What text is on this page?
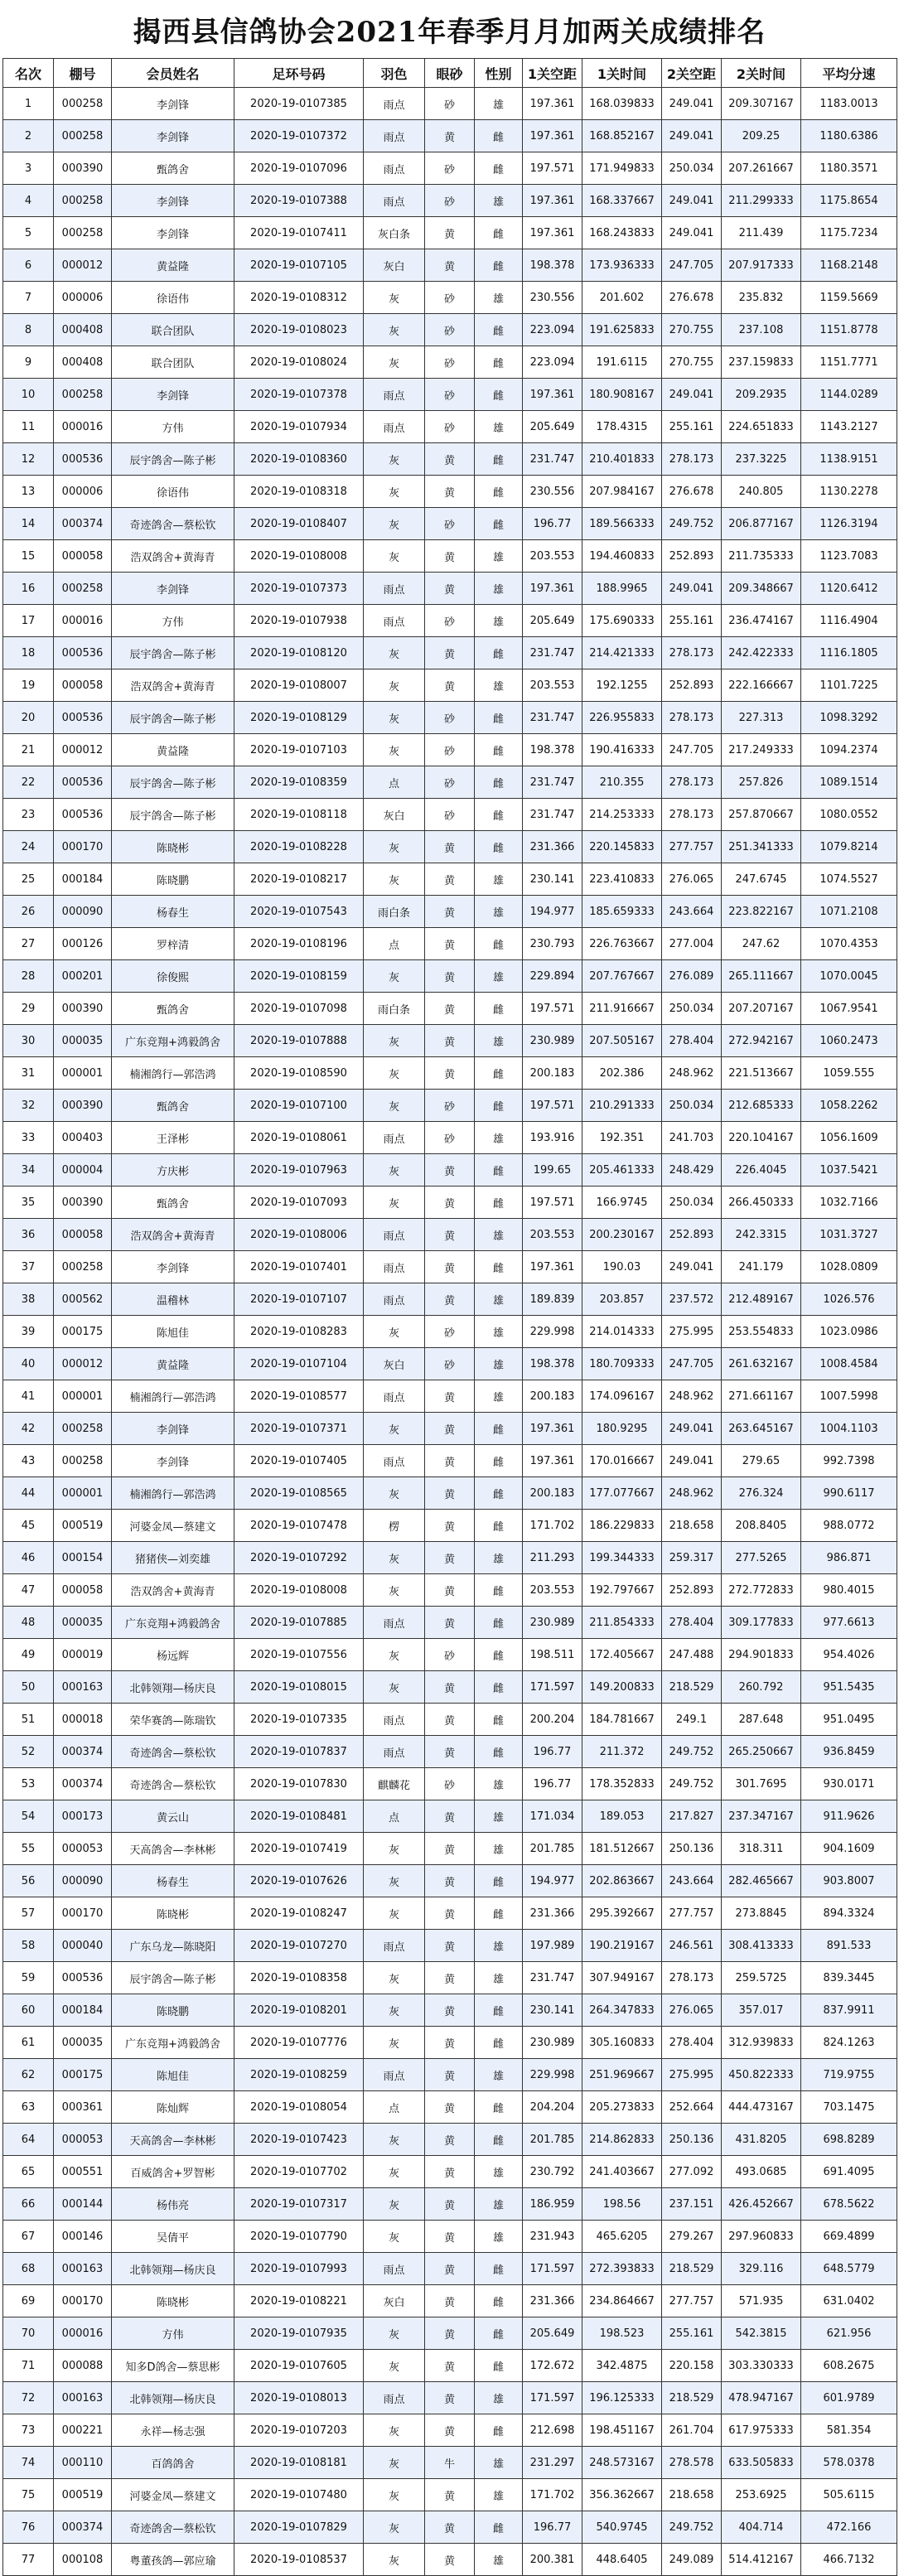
揭西县信鸽协会2021年春季月月加两关成绩排名
名次	棚号	会员姓名	足环号码	羽色	眼砂	性别	1关空距	1关时间	2关空距	2关时间	平均分速
1	000258	李剑锋	2020-19-0107385	雨点	砂	雄	197.361	168.039833	249.041	209.307167	1183.0013
2	000258	李剑锋	2020-19-0107372	雨点	黄	雌	197.361	168.852167	249.041	209.25	1180.6386
3	000390	甄鸽舍	2020-19-0107096	雨点	砂	雌	197.571	171.949833	250.034	207.261667	1180.3571
4	000258	李剑锋	2020-19-0107388	雨点	砂	雄	197.361	168.337667	249.041	211.299333	1175.8654
5	000258	李剑锋	2020-19-0107411	灰白条	黄	雌	197.361	168.243833	249.041	211.439	1175.7234
6	000012	黄益隆	2020-19-0107105	灰白	黄	雌	198.378	173.936333	247.705	207.917333	1168.2148
7	000006	徐语伟	2020-19-0108312	灰	砂	雄	230.556	201.602	276.678	235.832	1159.5669
8	000408	联合团队	2020-19-0108023	灰	砂	雌	223.094	191.625833	270.755	237.108	1151.8778
9	000408	联合团队	2020-19-0108024	灰	砂	雌	223.094	191.6115	270.755	237.159833	1151.7771
10	000258	李剑锋	2020-19-0107378	雨点	砂	雌	197.361	180.908167	249.041	209.2935	1144.0289
11	000016	方伟	2020-19-0107934	雨点	砂	雄	205.649	178.4315	255.161	224.651833	1143.2127
12	000536	辰宇鸽舍—陈子彬	2020-19-0108360	灰	黄	雌	231.747	210.401833	278.173	237.3225	1138.9151
13	000006	徐语伟	2020-19-0108318	灰	黄	雌	230.556	207.984167	276.678	240.805	1130.2278
14	000374	奇迹鸽舍—蔡松钦	2020-19-0108407	灰	砂	雌	196.77	189.566333	249.752	206.877167	1126.3194
15	000058	浩双鸽舍+黄海青	2020-19-0108008	灰	黄	雄	203.553	194.460833	252.893	211.735333	1123.7083
16	000258	李剑锋	2020-19-0107373	雨点	黄	雄	197.361	188.9965	249.041	209.348667	1120.6412
17	000016	方伟	2020-19-0107938	雨点	砂	雄	205.649	175.690333	255.161	236.474167	1116.4904
18	000536	辰宇鸽舍—陈子彬	2020-19-0108120	灰	黄	雌	231.747	214.421333	278.173	242.422333	1116.1805
19	000058	浩双鸽舍+黄海青	2020-19-0108007	灰	黄	雄	203.553	192.1255	252.893	222.166667	1101.7225
20	000536	辰宇鸽舍—陈子彬	2020-19-0108129	灰	砂	雌	231.747	226.955833	278.173	227.313	1098.3292
21	000012	黄益隆	2020-19-0107103	灰	砂	雌	198.378	190.416333	247.705	217.249333	1094.2374
22	000536	辰宇鸽舍—陈子彬	2020-19-0108359	点	砂	雌	231.747	210.355	278.173	257.826	1089.1514
23	000536	辰宇鸽舍—陈子彬	2020-19-0108118	灰白	砂	雌	231.747	214.253333	278.173	257.870667	1080.0552
24	000170	陈晓彬	2020-19-0108228	灰	黄	雌	231.366	220.145833	277.757	251.341333	1079.8214
25	000184	陈晓鹏	2020-19-0108217	灰	黄	雄	230.141	223.410833	276.065	247.6745	1074.5527
26	000090	杨春生	2020-19-0107543	雨白条	黄	雄	194.977	185.659333	243.664	223.822167	1071.2108
27	000126	罗梓清	2020-19-0108196	点	黄	雌	230.793	226.763667	277.004	247.62	1070.4353
28	000201	徐俊熙	2020-19-0108159	灰	黄	雄	229.894	207.767667	276.089	265.111667	1070.0045
29	000390	甄鸽舍	2020-19-0107098	雨白条	黄	雌	197.571	211.916667	250.034	207.207167	1067.9541
30	000035	广东竞翔+鸿毅鸽舍	2020-19-0107888	灰	黄	雄	230.989	207.505167	278.404	272.942167	1060.2473
31	000001	楠湘鸽行—郭浩鸿	2020-19-0108590	灰	黄	雌	200.183	202.386	248.962	221.513667	1059.555
32	000390	甄鸽舍	2020-19-0107100	灰	砂	雌	197.571	210.291333	250.034	212.685333	1058.2262
33	000403	王泽彬	2020-19-0108061	雨点	砂	雄	193.916	192.351	241.703	220.104167	1056.1609
34	000004	方庆彬	2020-19-0107963	灰	黄	雌	199.65	205.461333	248.429	226.4045	1037.5421
35	000390	甄鸽舍	2020-19-0107093	灰	黄	雌	197.571	166.9745	250.034	266.450333	1032.7166
36	000058	浩双鸽舍+黄海青	2020-19-0108006	雨点	黄	雄	203.553	200.230167	252.893	242.3315	1031.3727
37	000258	李剑锋	2020-19-0107401	雨点	黄	雌	197.361	190.03	249.041	241.179	1028.0809
38	000562	温稽林	2020-19-0107107	雨点	黄	雄	189.839	203.857	237.572	212.489167	1026.576
39	000175	陈旭佳	2020-19-0108283	灰	砂	雄	229.998	214.014333	275.995	253.554833	1023.0986
40	000012	黄益隆	2020-19-0107104	灰白	砂	雄	198.378	180.709333	247.705	261.632167	1008.4584
41	000001	楠湘鸽行—郭浩鸿	2020-19-0108577	雨点	黄	雄	200.183	174.096167	248.962	271.661167	1007.5998
42	000258	李剑锋	2020-19-0107371	灰	黄	雌	197.361	180.9295	249.041	263.645167	1004.1103
43	000258	李剑锋	2020-19-0107405	雨点	黄	雌	197.361	170.016667	249.041	279.65	992.7398
44	000001	楠湘鸽行—郭浩鸿	2020-19-0108565	灰	黄	雌	200.183	177.077667	248.962	276.324	990.6117
45	000519	河婆金凤—蔡建文	2020-19-0107478	楞	黄	雌	171.702	186.229833	218.658	208.8405	988.0772
46	000154	猪猪侠—刘奕雄	2020-19-0107292	灰	黄	雄	211.293	199.344333	259.317	277.5265	986.871
47	000058	浩双鸽舍+黄海青	2020-19-0108008	灰	黄	雌	203.553	192.797667	252.893	272.772833	980.4015
48	000035	广东竞翔+鸿毅鸽舍	2020-19-0107885	雨点	黄	雌	230.989	211.854333	278.404	309.177833	977.6613
49	000019	杨远辉	2020-19-0107556	灰	砂	雌	198.511	172.405667	247.488	294.901833	954.4026
50	000163	北韩领翔—杨庆良	2020-19-0108015	灰	黄	雌	171.597	149.200833	218.529	260.792	951.5435
51	000018	荣华赛鸽—陈瑞钦	2020-19-0107335	雨点	黄	雌	200.204	184.781667	249.1	287.648	951.0495
52	000374	奇迹鸽舍—蔡松钦	2020-19-0107837	雨点	黄	雌	196.77	211.372	249.752	265.250667	936.8459
53	000374	奇迹鸽舍—蔡松钦	2020-19-0107830	麒麟花	砂	雄	196.77	178.352833	249.752	301.7695	930.0171
54	000173	黄云山	2020-19-0108481	点	黄	雄	171.034	189.053	217.827	237.347167	911.9626
55	000053	天高鸽舍—李林彬	2020-19-0107419	灰	黄	雄	201.785	181.512667	250.136	318.311	904.1609
56	000090	杨春生	2020-19-0107626	灰	黄	雌	194.977	202.863667	243.664	282.465667	903.8007
57	000170	陈晓彬	2020-19-0108247	灰	黄	雌	231.366	295.392667	277.757	273.8845	894.3324
58	000040	广东乌龙—陈晓阳	2020-19-0107270	雨点	黄	雄	197.989	190.219167	246.561	308.413333	891.533
59	000536	辰宇鸽舍—陈子彬	2020-19-0108358	灰	黄	雄	231.747	307.949167	278.173	259.5725	839.3445
60	000184	陈晓鹏	2020-19-0108201	灰	黄	雌	230.141	264.347833	276.065	357.017	837.9911
61	000035	广东竞翔+鸿毅鸽舍	2020-19-0107776	灰	黄	雌	230.989	305.160833	278.404	312.939833	824.1263
62	000175	陈旭佳	2020-19-0108259	雨点	黄	雄	229.998	251.969667	275.995	450.822333	719.9755
63	000361	陈灿辉	2020-19-0108054	点	黄	雌	204.204	205.273833	252.664	444.473167	703.1475
64	000053	天高鸽舍—李林彬	2020-19-0107423	灰	黄	雌	201.785	214.862833	250.136	431.8205	698.8289
65	000551	百威鸽舍+罗智彬	2020-19-0107702	灰	黄	雄	230.792	241.403667	277.092	493.0685	691.4095
66	000144	杨伟亮	2020-19-0107317	灰	黄	雄	186.959	198.56	237.151	426.452667	678.5622
67	000146	吴倩平	2020-19-0107790	灰	黄	雄	231.943	465.6205	279.267	297.960833	669.4899
68	000163	北韩领翔—杨庆良	2020-19-0107993	雨点	黄	雌	171.597	272.393833	218.529	329.116	648.5779
69	000170	陈晓彬	2020-19-0108221	灰白	黄	雌	231.366	234.864667	277.757	571.935	631.0402
70	000016	方伟	2020-19-0107935	灰	黄	雌	205.649	198.523	255.161	542.3815	621.956
71	000088	知多D鸽舍—蔡思彬	2020-19-0107605	灰	黄	雌	172.672	342.4875	220.158	303.330333	608.2675
72	000163	北韩领翔—杨庆良	2020-19-0108013	雨点	黄	雄	171.597	196.125333	218.529	478.947167	601.9789
73	000221	永祥—杨志强	2020-19-0107203	灰	黄	雌	212.698	198.451167	261.704	617.975333	581.354
74	000110	百鸽鸽舍	2020-19-0108181	灰	牛	雄	231.297	248.573167	278.578	633.505833	578.0378
75	000519	河婆金凤—蔡建文	2020-19-0107480	灰	黄	雄	171.702	356.362667	218.658	253.6925	505.6115
76	000374	奇迹鸽舍—蔡松钦	2020-19-0107829	灰	黄	雌	196.77	540.9745	249.752	404.714	472.166
77	000108	粤董孩鸽—郭应瑜	2020-19-0108537	灰	黄	雄	200.381	448.6405	249.089	514.412167	466.7132
